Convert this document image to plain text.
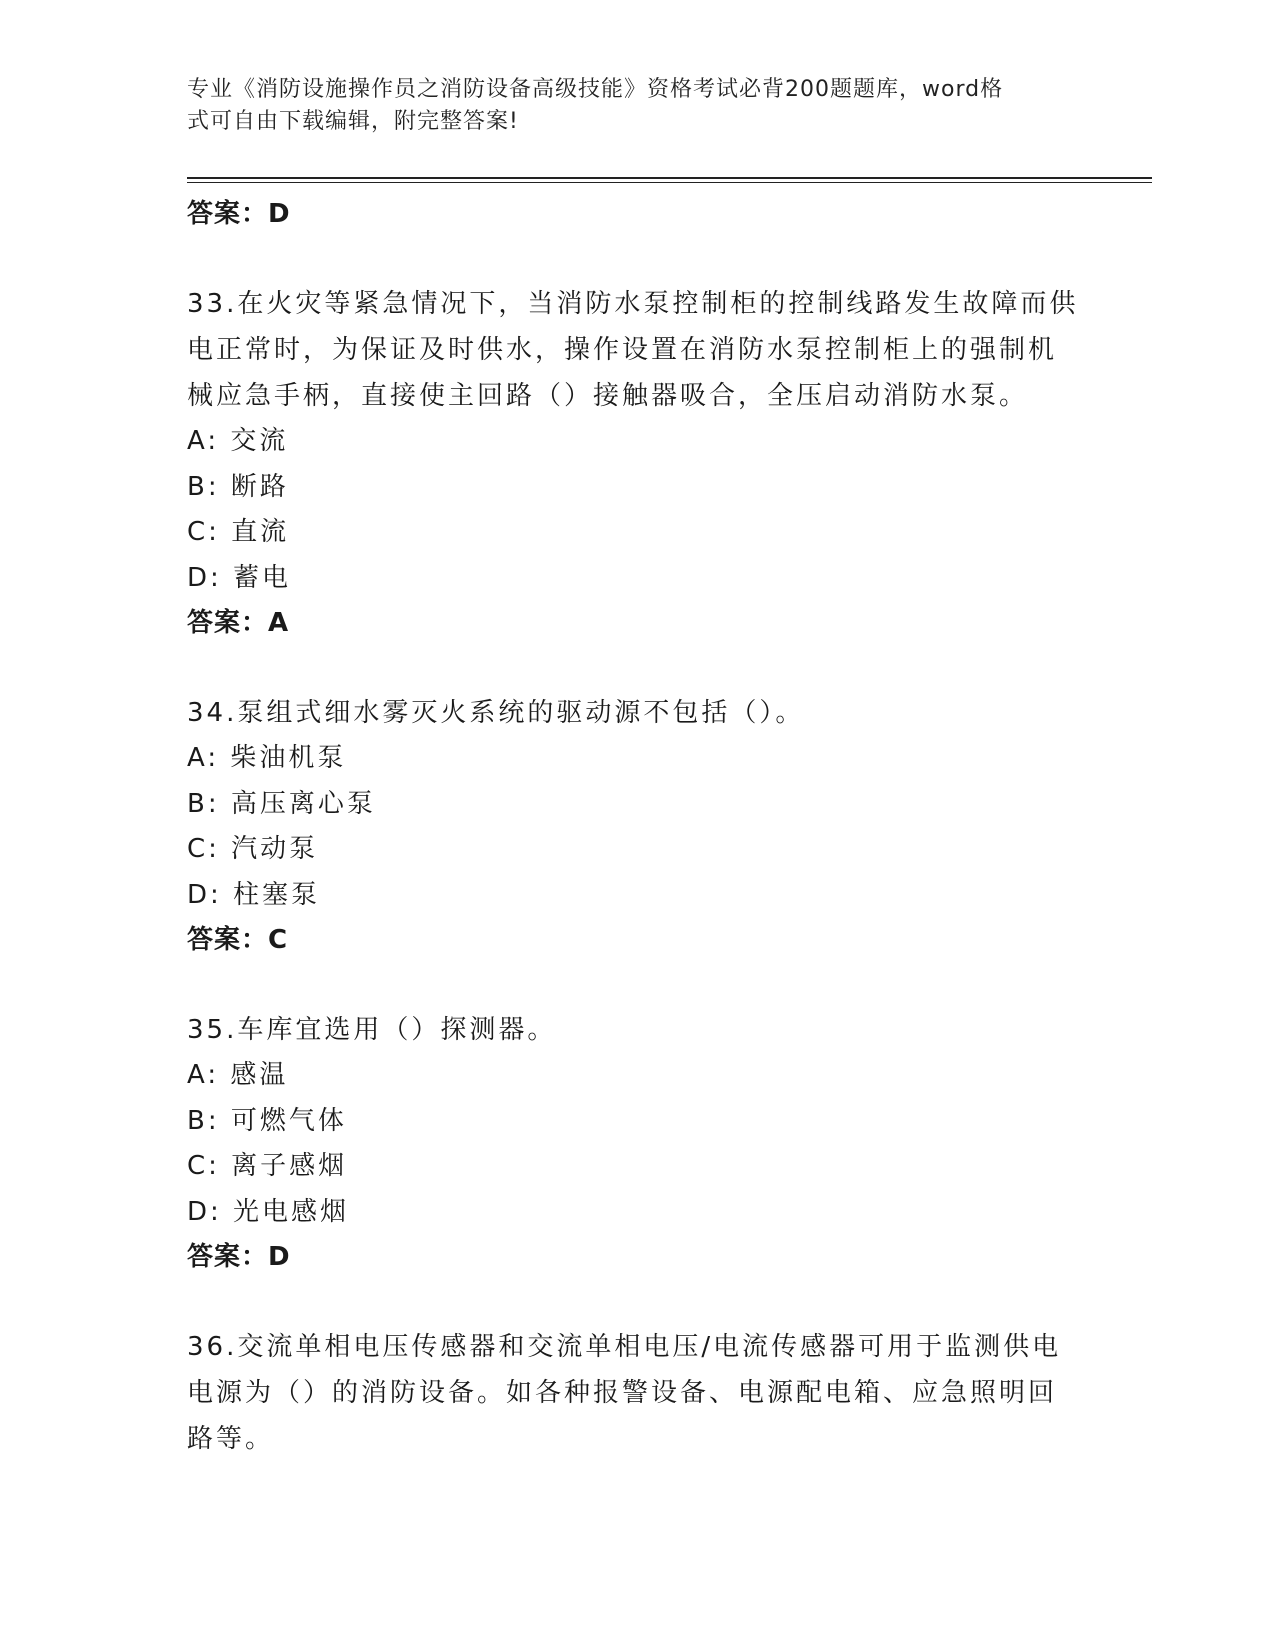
专业《消防设施操作员之消防设备高级技能》资格考试必背200题题库，word格
式可自由下载编辑，附完整答案!

答案：D

33.在火灾等紧急情况下，当消防水泵控制柜的控制线路发生故障而供

电正常时，为保证及时供水，操作设置在消防水泵控制柜上的强制机

械应急手柄，直接使主回路（）接触器吸合，全压启动消防水泵。

A: 交流

B: 断路

C: 直流

D: 蓄电

答案：A

34.泵组式细水雾灭火系统的驱动源不包括（）。

A: 柴油机泵

B: 高压离心泵

C: 汽动泵

D: 柱塞泵

答案：C

35.车库宜选用（）探测器。

A: 感温

B: 可燃气体

C: 离子感烟

D: 光电感烟

答案：D

36.交流单相电压传感器和交流单相电压/电流传感器可用于监测供电

电源为（）的消防设备。如各种报警设备、电源配电箱、应急照明回

路等。
